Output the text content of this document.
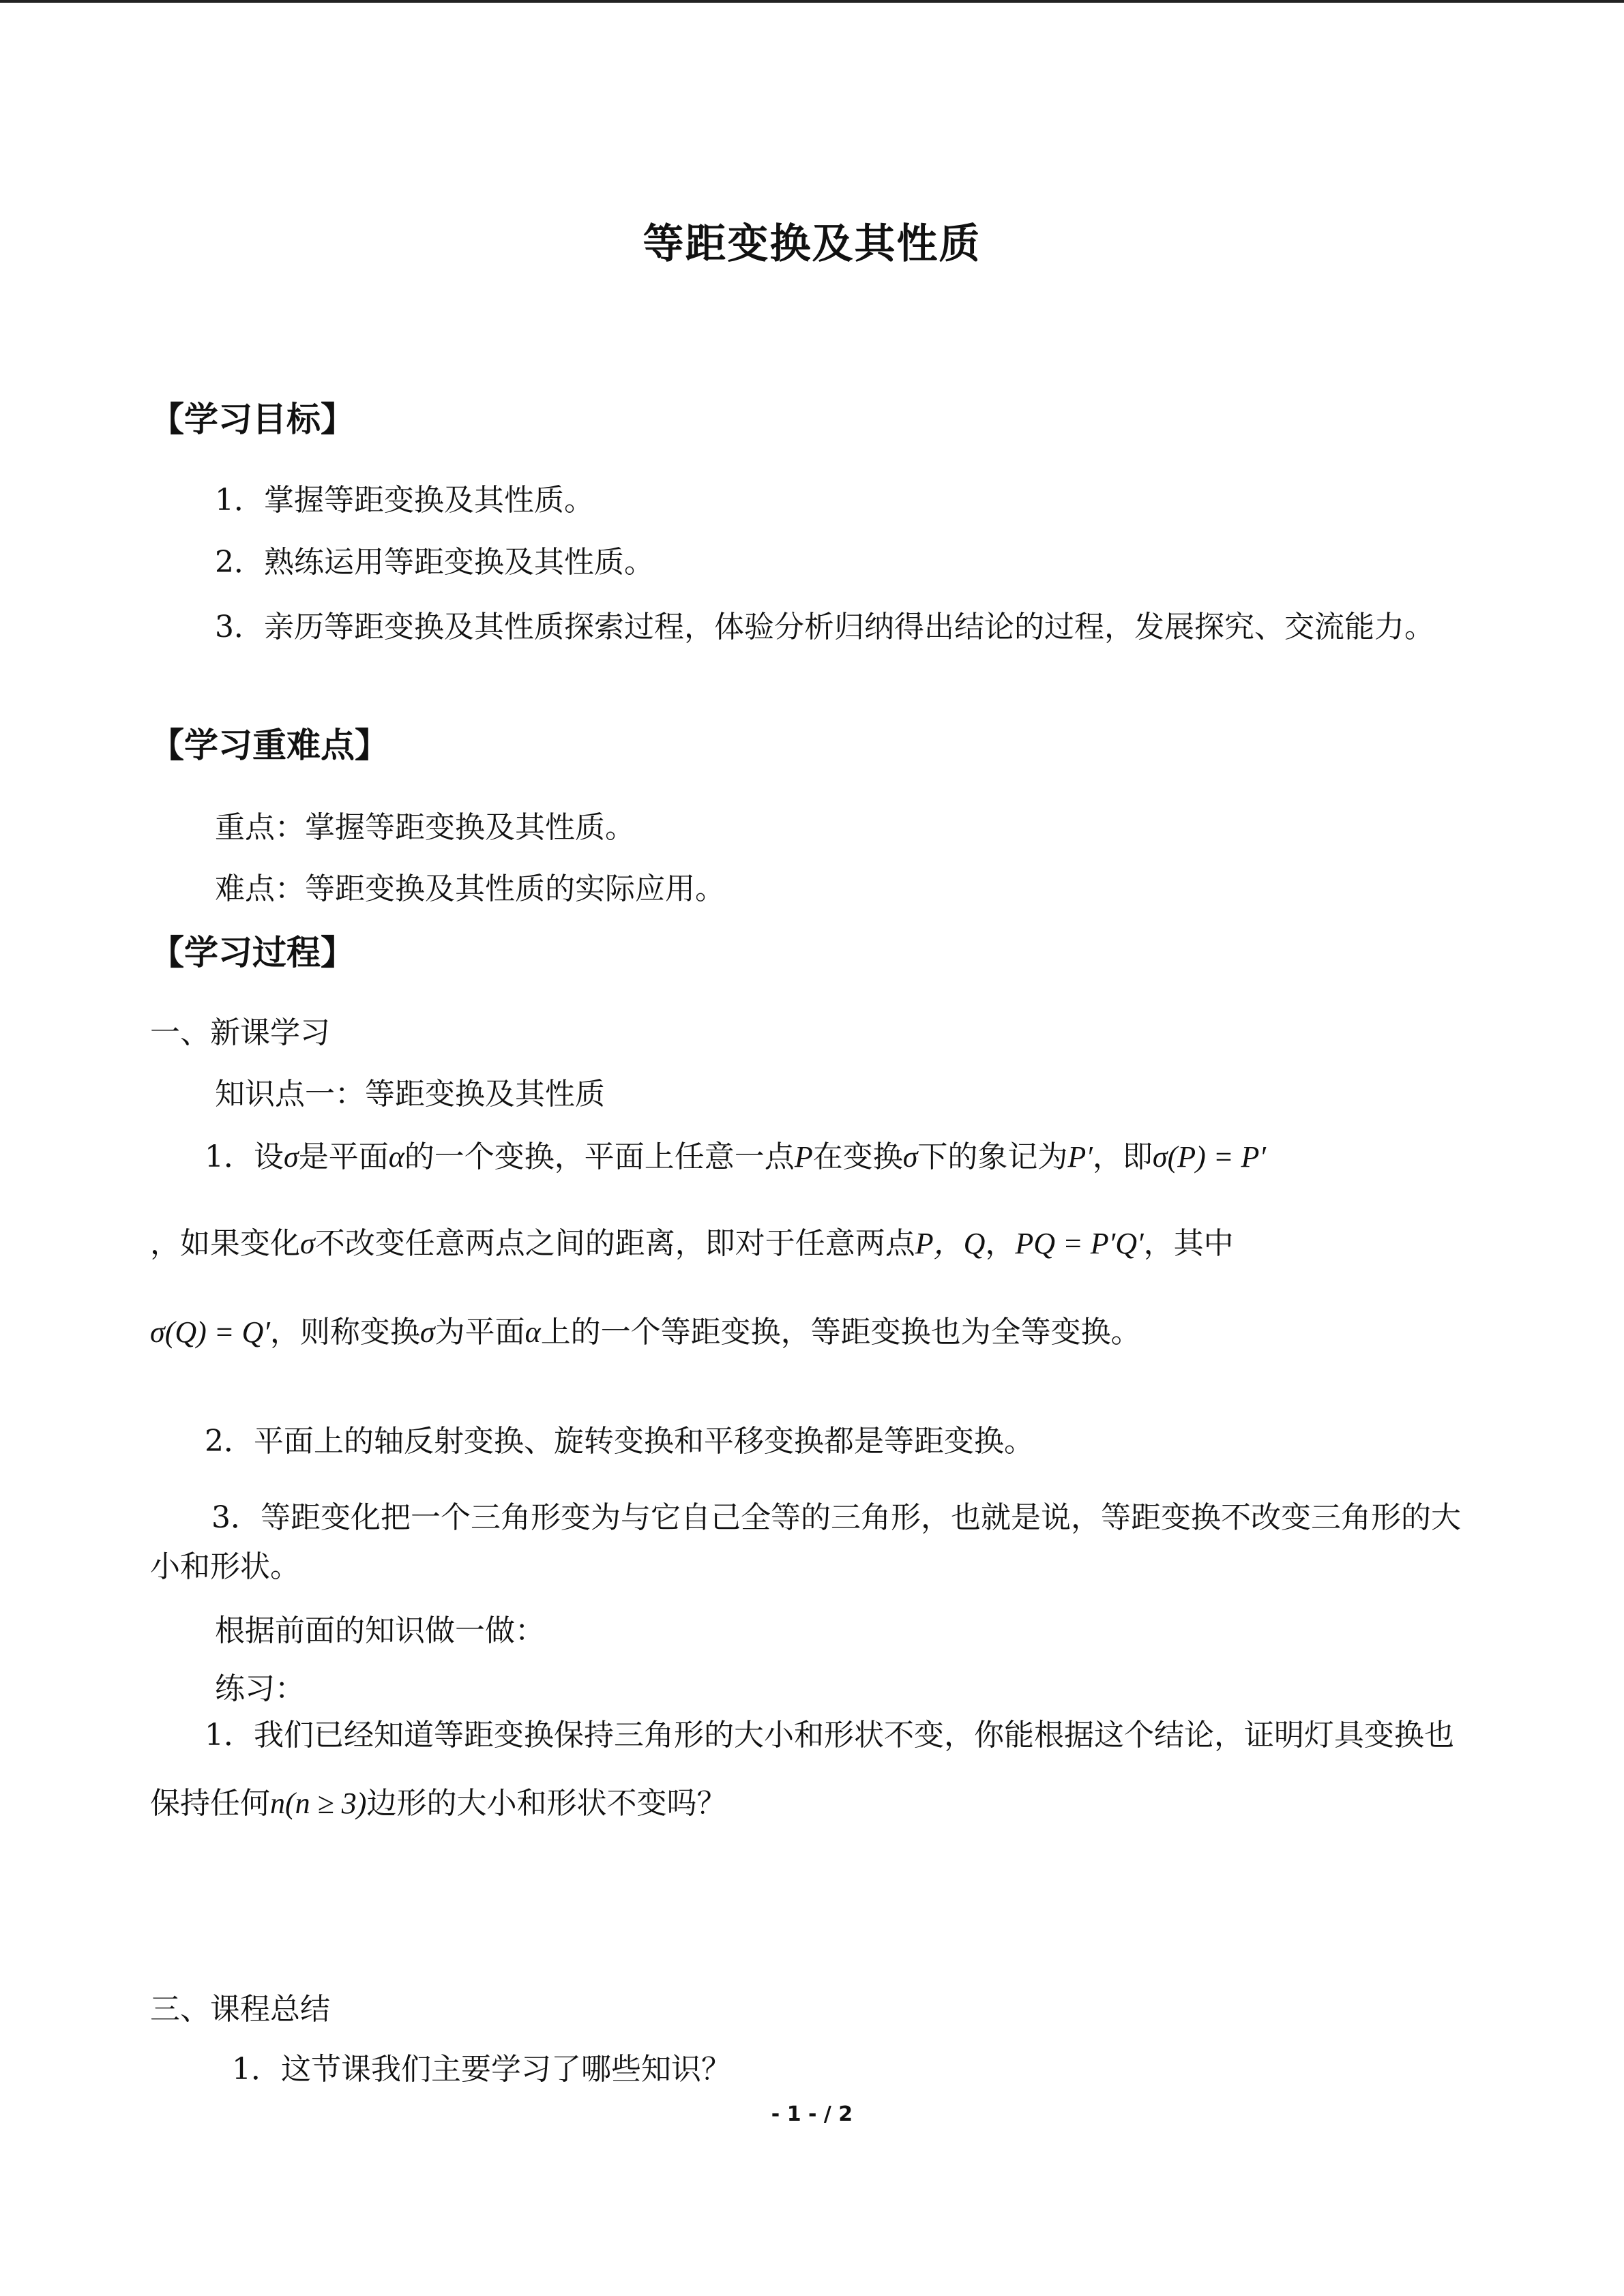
等距变换及其性质
【学习目标】
1．掌握等距变换及其性质。
2．熟练运用等距变换及其性质。
3．亲历等距变换及其性质探索过程，体验分析归纳得出结论的过程，发展探究、交流能力。
【学习重难点】
重点：掌握等距变换及其性质。
难点：等距变换及其性质的实际应用。
【学习过程】
一、新课学习
知识点一：等距变换及其性质
1．设σ是平面α的一个变换，平面上任意一点P在变换σ下的象记为P′，即σ(P) = P′
，如果变化σ不改变任意两点之间的距离，即对于任意两点P，Q，PQ = P′Q′，其中
σ(Q) = Q′，则称变换σ为平面α上的一个等距变换，等距变换也为全等变换。
2．平面上的轴反射变换、旋转变换和平移变换都是等距变换。
3．等距变化把一个三角形变为与它自己全等的三角形，也就是说，等距变换不改变三角形的大小和形状。
根据前面的知识做一做：
练习：
1．我们已经知道等距变换保持三角形的大小和形状不变，你能根据这个结论，证明灯具变换也保持任何n(n ≥ 3)边形的大小和形状不变吗？
三、课程总结
1．这节课我们主要学习了哪些知识？
- 1 - / 2
